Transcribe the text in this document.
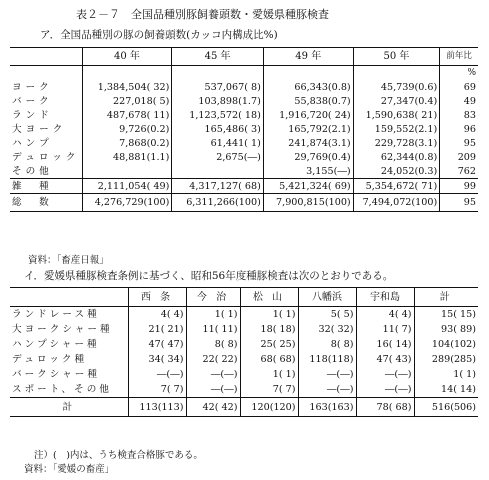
表２－７　全国品種別豚飼養頭数・愛媛県種豚検査
ア．全国品種別の豚の飼養頭数(カッコ内構成比%)
	40 年	45 年	49 年	50 年	前年比
					%
ヨーク	1,384,504( 32)	537,067( 8)	66,343(0.8)	45,739(0.6)	69
バーク	227,018( 5)	103,898(1.7)	55,838(0.7)	27,347(0.4)	49
ランド	487,678( 11)	1,123,572( 18)	1,916,720( 24)	1,590,638( 21)	83
大ヨーク	9,726(0.2)	165,486( 3)	165,792(2.1)	159,552(2.1)	96
ハンプ	7,868(0.2)	61,441( 1)	241,874(3.1)	229,728(3.1)	95
デュロック	48,881(1.1)	2,675(―)	29,769(0.4)	62,344(0.8)	209
その他			3,155(―)	24,052(0.3)	762
雑　種	2,111,054( 49)	4,317,127( 68)	5,421,324( 69)	5,354,672( 71)	99
総　数	4,276,729(100)	6,311,266(100)	7,900,815(100)	7,494,072(100)	95
資料：「畜産日報」
イ．愛媛県種豚検査条例に基づく、昭和56年度種豚検査は次のとおりである。
	西 条	今 治	松 山	八幡浜	宇和島	計
ランドレース種	4( 4)	1( 1)	1( 1)	5( 5)	4( 4)	15( 15)
大ヨークシャー種	21( 21)	11( 11)	18( 18)	32( 32)	11( 7)	93( 89)
ハンプシャー種	47( 47)	8( 8)	25( 25)	8( 8)	16( 14)	104(102)
デュロック種	34( 34)	22( 22)	68( 68)	118(118)	47( 43)	289(285)
バークシャー種	―(―)	―(―)	1( 1)	―(―)	―(―)	1( 1)
スポート、その他	7( 7)	―(―)	7( 7)	―(―)	―(―)	14( 14)
計	113(113)	42( 42)	120(120)	163(163)	78( 68)	516(506)
注）(　)内は、うち検査合格豚である。
資料：「愛媛の畜産」
